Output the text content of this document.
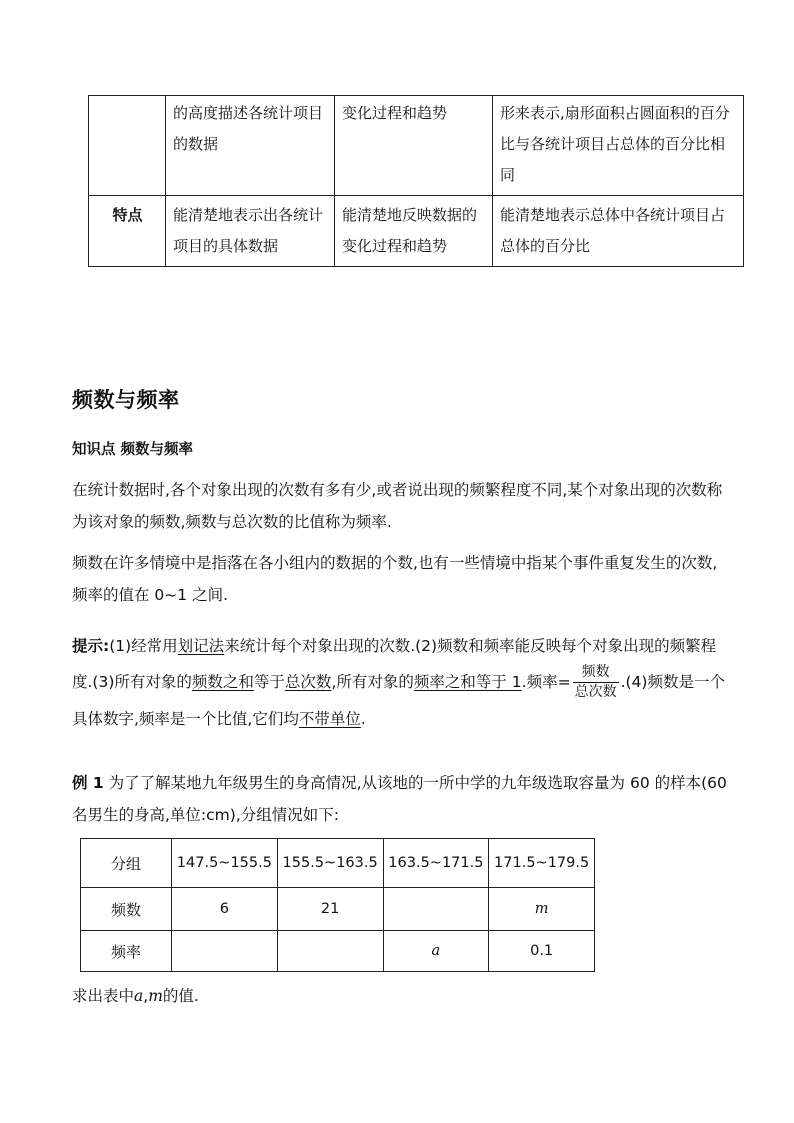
	的高度描述各统计项目的数据	变化过程和趋势	形来表示,扇形面积占圆面积的百分比与各统计项目占总体的百分比相同
特点	能清楚地表示出各统计项目的具体数据	能清楚地反映数据的变化过程和趋势	能清楚地表示总体中各统计项目占总体的百分比
频数与频率

知识点 频数与频率

在统计数据时,各个对象出现的次数有多有少,或者说出现的频繁程度不同,某个对象出现的次数称为该对象的频数,频数与总次数的比值称为频率.

频数在许多情境中是指落在各小组内的数据的个数,也有一些情境中指某个事件重复发生的次数,频率的值在 0~1 之间.

提示:(1)经常用划记法来统计每个对象出现的次数.(2)频数和频率能反映每个对象出现的频繁程度.(3)所有对象的频数之和等于总次数,所有对象的频率之和等于 1.频率= $\frac{\text{频数}}{\text{总次数}} .(4)$频数是一个具体数字,频率是一个比值,它们均不带单位.

例 1 为了了解某地九年级男生的身高情况,从该地的一所中学的九年级选取容量为 60 的样本(60 名男生的身高,单位:cm),分组情况如下:

分组	147.5~155.5	155.5~163.5	163.5~171.5	171.5~179.5
频数	6	21		m
频率			a	0.1

求出表中a,m的值.
